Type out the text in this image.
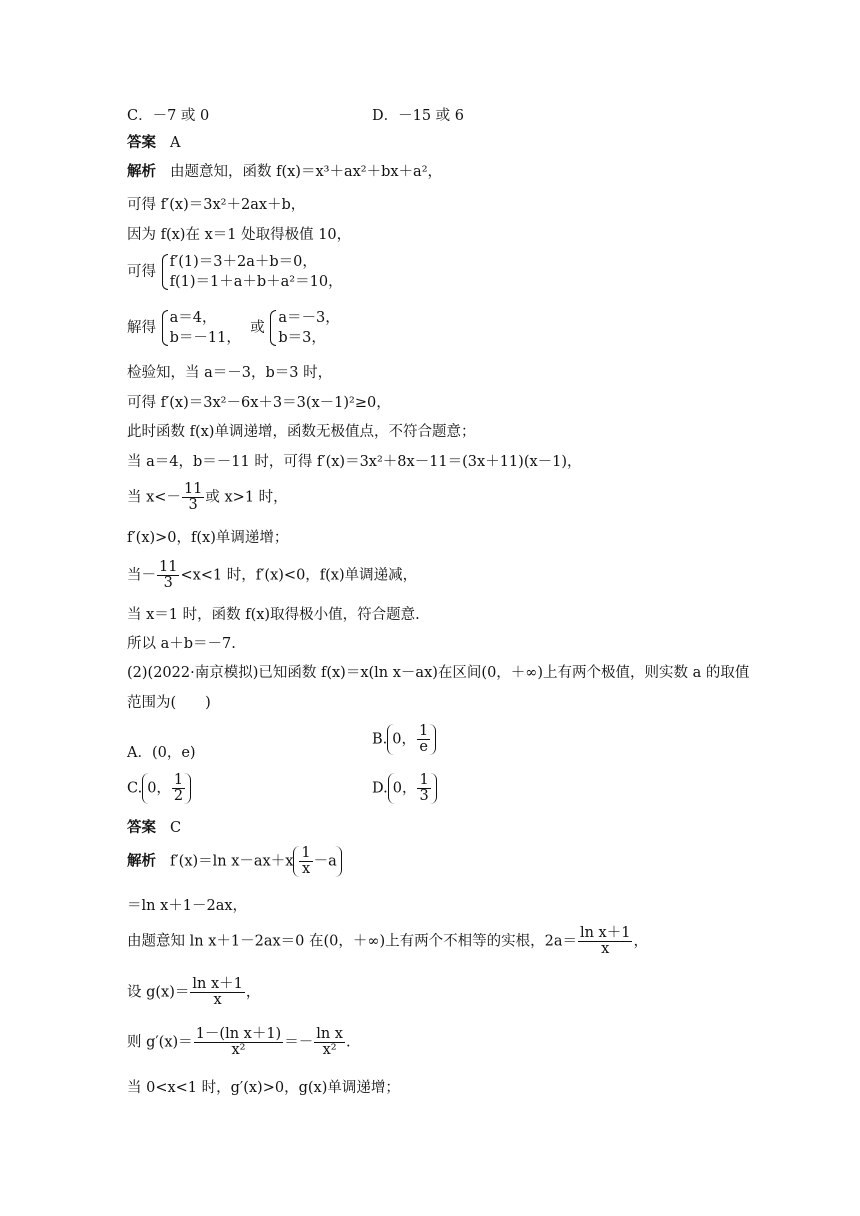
C．－7 或 0	D．－15 或 6
答案 A
解析 由题意知，函数 f(x)＝x³＋ax²＋bx＋a²，
可得 f′(x)＝3x²＋2ax＋b，
因为 f(x)在 x＝1 处取得极值 10，
可得
f′(1)＝3＋2a＋b＝0，
f(1)＝1＋a＋b＋a²＝10，
解得
a＝4，
b＝－11，
或
a＝－3，
b＝3，
检验知，当 a＝－3，b＝3 时，
可得 f′(x)＝3x²－6x＋3＝3(x－1)²≥0，
此时函数 f(x)单调递增，函数无极值点，不符合题意；
当 a＝4，b＝－11 时，可得 f′(x)＝3x²＋8x－11＝(3x＋11)(x－1)，
当 $x<- \frac{11}{3}$ 或 x>1 时，
f′(x)>0，f(x)单调递增；
当－ $\frac{11}{3} <x<1$ 时，f′(x)<0，f(x)单调递减，
当 x＝1 时，函数 f(x)取得极小值，符合题意.
所以 a＋b＝－7.
(2)(2022·南京模拟)已知函数 f(x)＝x(ln x－ax)在区间(0，＋∞)上有两个极值，则实数 a 的取值
范围为(　　)
A．(0，e)
B. 0， $\frac{1}{e}$
C. 0， $\frac{1}{2}$	D. 0， $\frac{1}{3}$
答案 C
解析 f′(x)＝ln $x-ax+x \frac{1}{x} -a$
＝ln x＋1－2ax，
由题意知 ln x＋1－2ax＝0 在(0，＋∞)上有两个不相等的实根，$2a= \frac{\text{ln x＋1}}{x}$ ，
设 $g(x)= \frac{\text{ln x＋1}}{x}$ ，
则 $g'(x)= \frac{\text{1－(ln x＋1)}}{\text{x²}} =- \frac{\text{ln x}}{\text{x²}}$ .
当 0<x<1 时，g′(x)>0，g(x)单调递增；
